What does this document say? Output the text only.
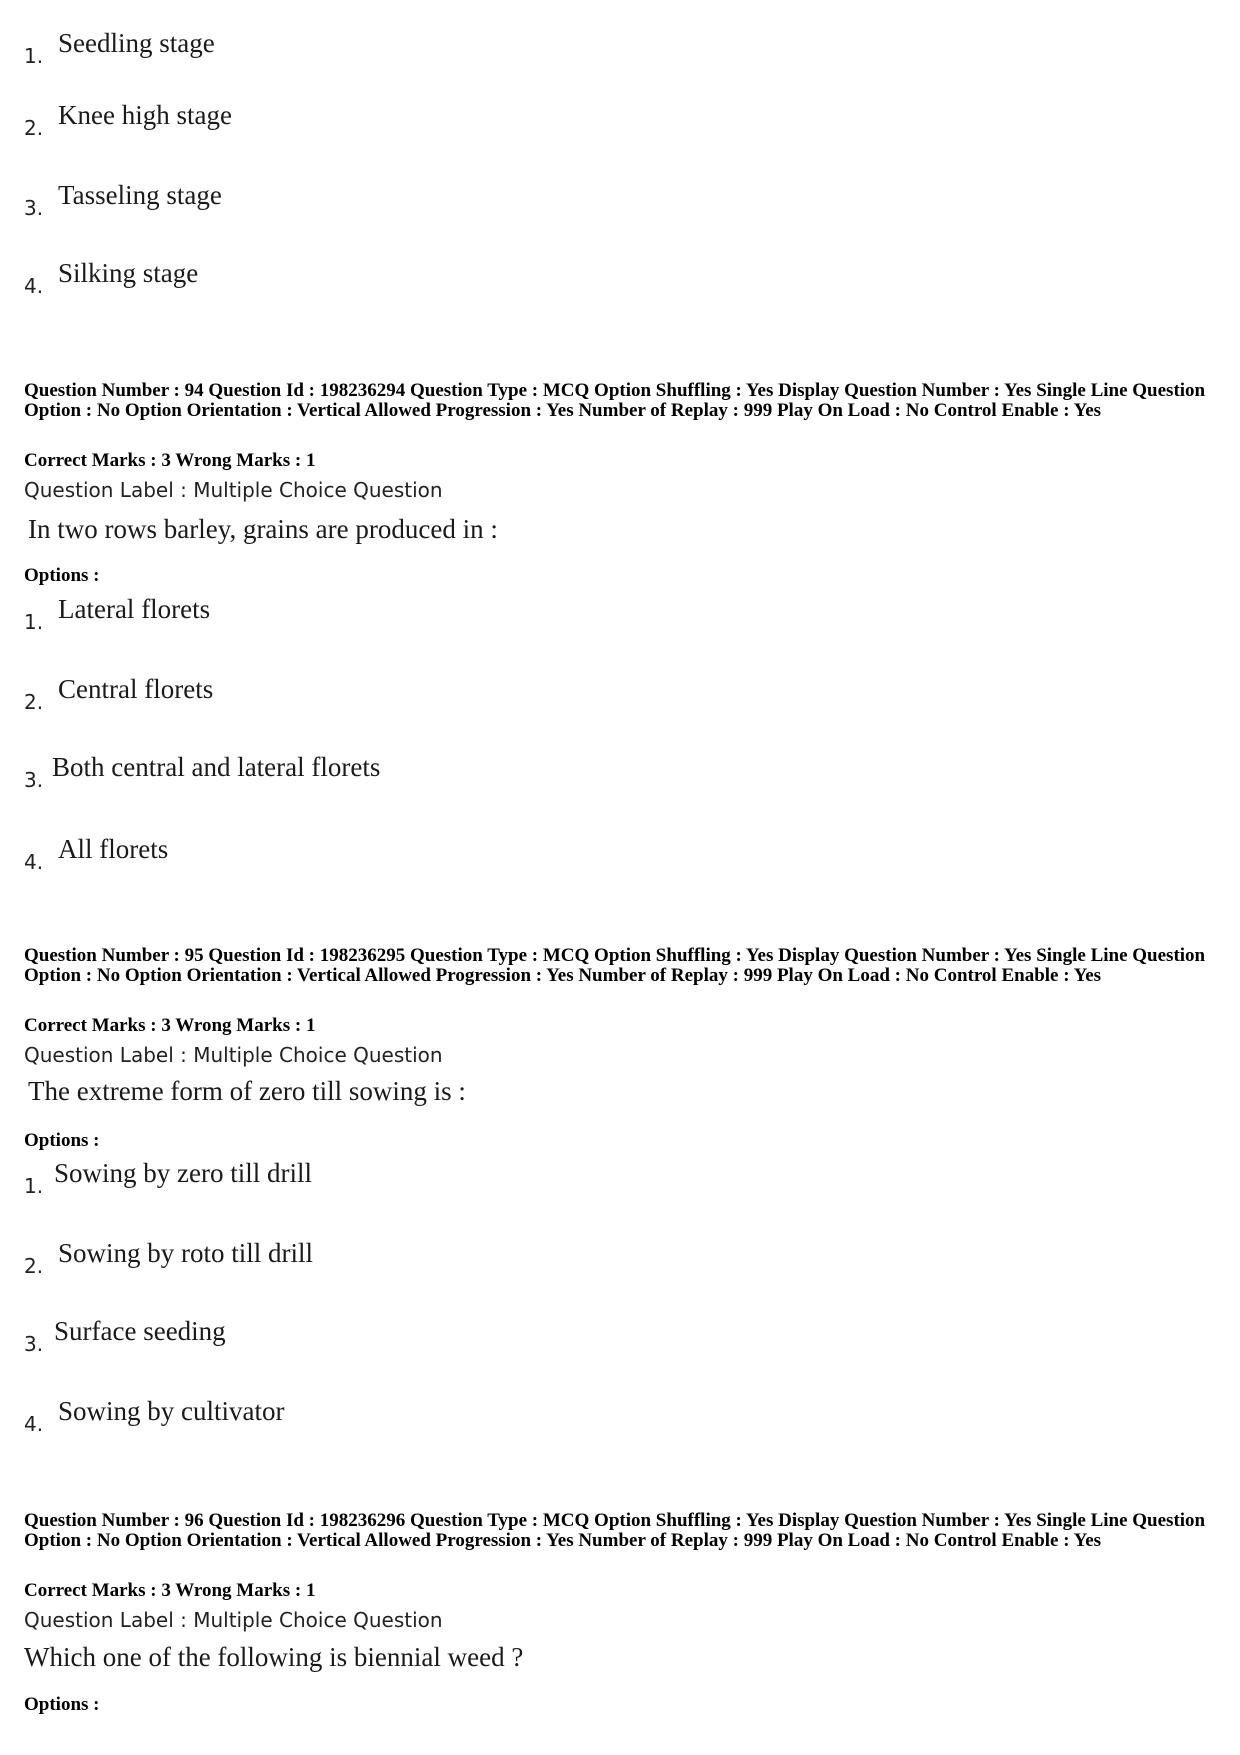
1. Seedling stage
2. Knee high stage
3. Tasseling stage
4. Silking stage
Question Number : 94 Question Id : 198236294 Question Type : MCQ Option Shuffling : Yes Display Question Number : Yes Single Line Question Option : No Option Orientation : Vertical Allowed Progression : Yes Number of Replay : 999 Play On Load : No Control Enable : Yes
Correct Marks : 3 Wrong Marks : 1
Question Label : Multiple Choice Question
In two rows barley, grains are produced in :
Options :
1. Lateral florets
2. Central florets
3. Both central and lateral florets
4. All florets
Question Number : 95 Question Id : 198236295 Question Type : MCQ Option Shuffling : Yes Display Question Number : Yes Single Line Question Option : No Option Orientation : Vertical Allowed Progression : Yes Number of Replay : 999 Play On Load : No Control Enable : Yes
Correct Marks : 3 Wrong Marks : 1
Question Label : Multiple Choice Question
The extreme form of zero till sowing is :
Options :
1. Sowing by zero till drill
2. Sowing by roto till drill
3. Surface seeding
4. Sowing by cultivator
Question Number : 96 Question Id : 198236296 Question Type : MCQ Option Shuffling : Yes Display Question Number : Yes Single Line Question Option : No Option Orientation : Vertical Allowed Progression : Yes Number of Replay : 999 Play On Load : No Control Enable : Yes
Correct Marks : 3 Wrong Marks : 1
Question Label : Multiple Choice Question
Which one of the following is biennial weed ?
Options :
